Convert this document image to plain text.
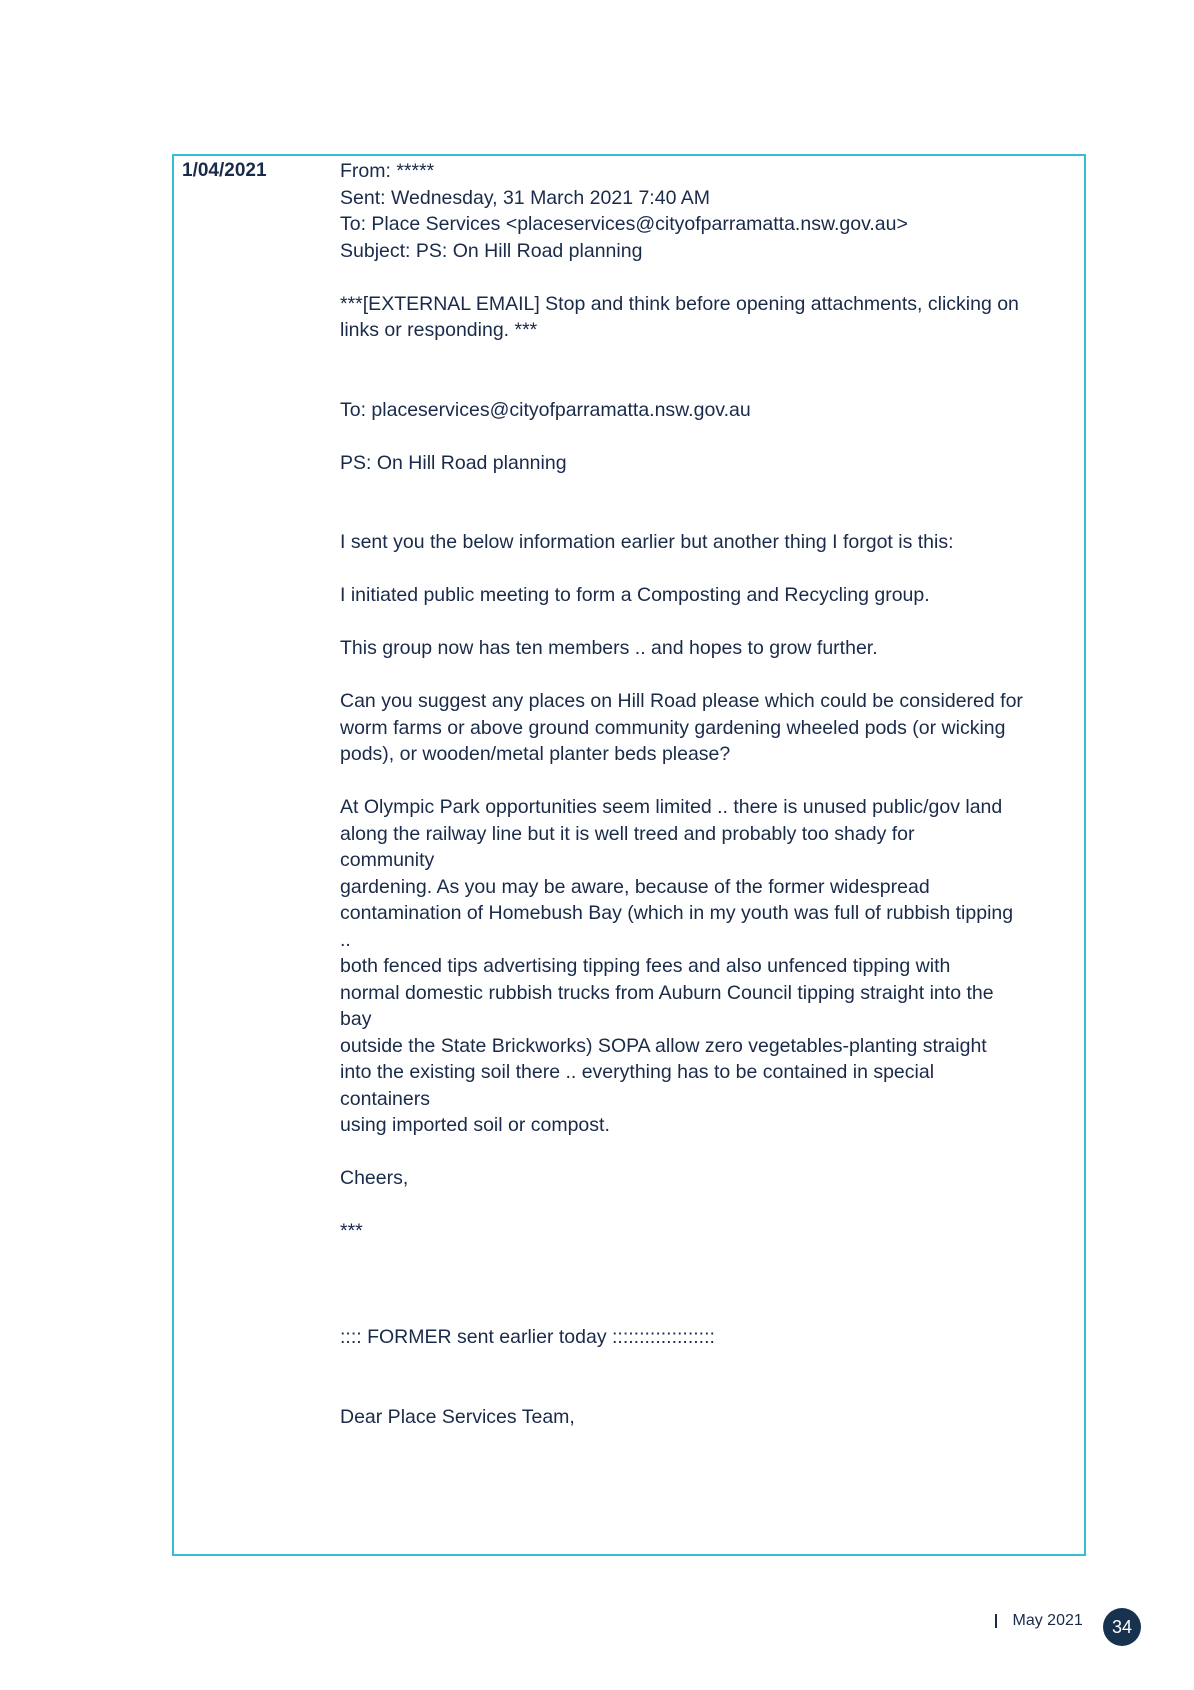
1/04/2021	From: *****
Sent: Wednesday, 31 March 2021 7:40 AM
To: Place Services <placeservices@cityofparramatta.nsw.gov.au>
Subject: PS: On Hill Road planning
***[EXTERNAL EMAIL] Stop and think before opening attachments, clicking on
links or responding. ***
To: placeservices@cityofparramatta.nsw.gov.au
PS: On Hill Road planning
I sent you the below information earlier but another thing I forgot is this:
I initiated public meeting to form a Composting and Recycling group.
This group now has ten members .. and hopes to grow further.
Can you suggest any places on Hill Road please which could be considered for
worm farms or above ground community gardening wheeled pods (or wicking
pods), or wooden/metal planter beds please?
At Olympic Park opportunities seem limited .. there is unused public/gov land
along the railway line but it is well treed and probably too shady for
community
gardening. As you may be aware, because of the former widespread
contamination of Homebush Bay (which in my youth was full of rubbish tipping
..
both fenced tips advertising tipping fees and also unfenced tipping with
normal domestic rubbish trucks from Auburn Council tipping straight into the
bay
outside the State Brickworks) SOPA allow zero vegetables-planting straight
into the existing soil there .. everything has to be contained in special
containers
using imported soil or compost.
Cheers,
***
:::: FORMER sent earlier today :::::::::::::::::::
Dear Place Services Team,
May 2021 34
